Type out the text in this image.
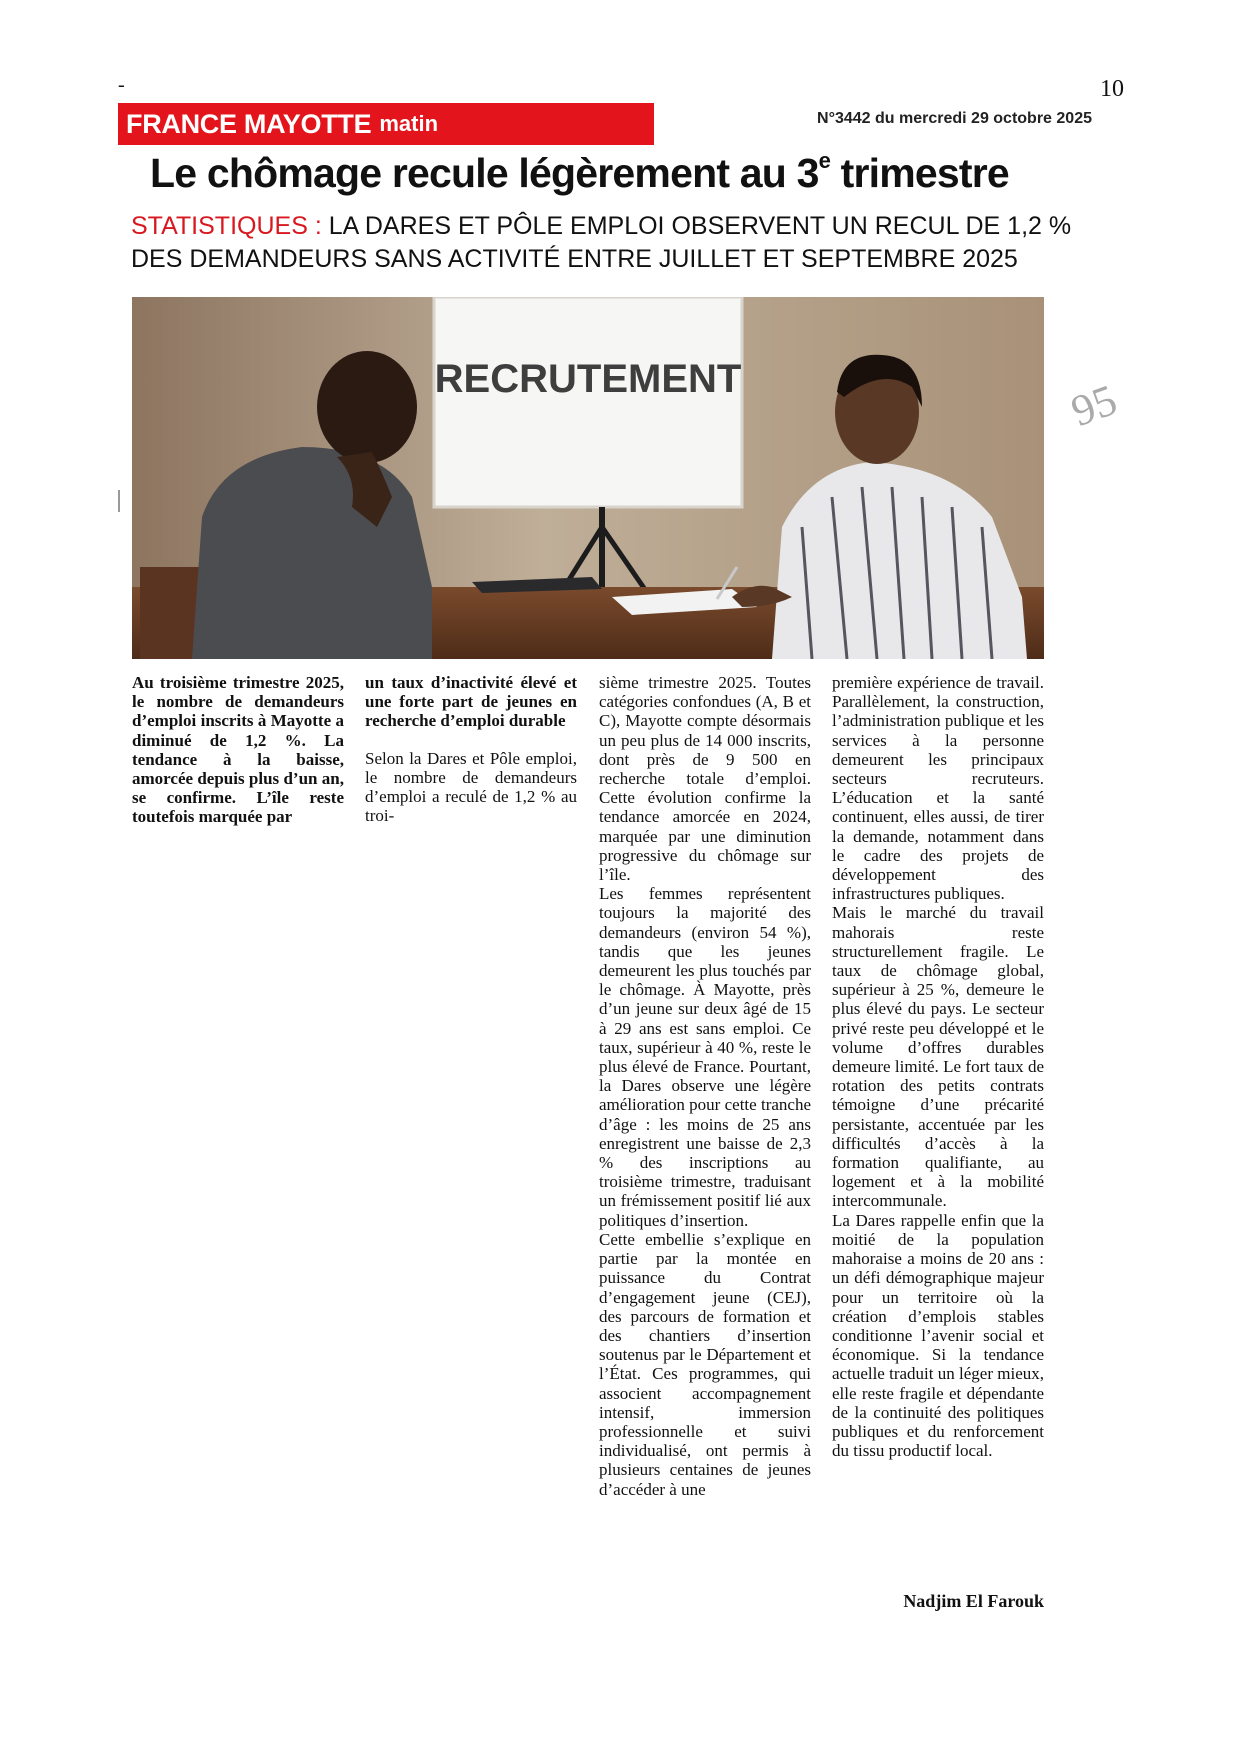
-	10
FRANCE MAYOTTE matin	N°3442 du mercredi 29 octobre 2025
Le chômage recule légèrement au 3e trimestre
STATISTIQUES : LA DARES ET PÔLE EMPLOI OBSERVENT UN RECUL DE 1,2 % DES DEMANDEURS SANS ACTIVITÉ ENTRE JUILLET ET SEPTEMBRE 2025
RECRUTEMENT	95

Au troisième trimestre 2025, le nombre de demandeurs d’emploi inscrits à Mayotte a diminué de 1,2 %. La tendance à la baisse, amorcée depuis plus d’un an, se confirme. L’île reste toutefois marquée par

un taux d’inactivité élevé et une forte part de jeunes en recherche d’emploi durable

Selon la Dares et Pôle emploi, le nombre de demandeurs d’emploi a reculé de 1,2 % au troi-

sième trimestre 2025. Toutes catégories confondues (A, B et C), Mayotte compte désormais un peu plus de 14 000 inscrits, dont près de 9 500 en recherche totale d’emploi. Cette évolution confirme la tendance amorcée en 2024, marquée par une diminution progressive du chômage sur l’île.

Les femmes représentent toujours la majorité des demandeurs (environ 54 %), tandis que les jeunes demeurent les plus touchés par le chômage. À Mayotte, près d’un jeune sur deux âgé de 15 à 29 ans est sans emploi. Ce taux, supérieur à 40 %, reste le plus élevé de France. Pourtant, la Dares observe une légère amélioration pour cette tranche d’âge : les moins de 25 ans enregistrent une baisse de 2,3 % des inscriptions au troisième trimestre, traduisant un frémissement positif lié aux politiques d’insertion.

Cette embellie s’explique en partie par la montée en puissance du Contrat d’engagement jeune (CEJ), des parcours de formation et des chantiers d’insertion soutenus par le Département et l’État. Ces programmes, qui associent accompagnement intensif, immersion professionnelle et suivi individualisé, ont permis à plusieurs centaines de jeunes d’accéder à une

première expérience de travail. Parallèlement, la construction, l’administration publique et les services à la personne demeurent les principaux secteurs recruteurs. L’éducation et la santé continuent, elles aussi, de tirer la demande, notamment dans le cadre des projets de développement des infrastructures publiques.

Mais le marché du travail mahorais reste structurellement fragile. Le taux de chômage global, supérieur à 25 %, demeure le plus élevé du pays. Le secteur privé reste peu développé et le volume d’offres durables demeure limité. Le fort taux de rotation des petits contrats témoigne d’une précarité persistante, accentuée par les difficultés d’accès à la formation qualifiante, au logement et à la mobilité intercommunale.

La Dares rappelle enfin que la moitié de la population mahoraise a moins de 20 ans : un défi démographique majeur pour un territoire où la création d’emplois stables conditionne l’avenir social et économique. Si la tendance actuelle traduit un léger mieux, elle reste fragile et dépendante de la continuité des politiques publiques et du renforcement du tissu productif local.

Nadjim El Farouk
